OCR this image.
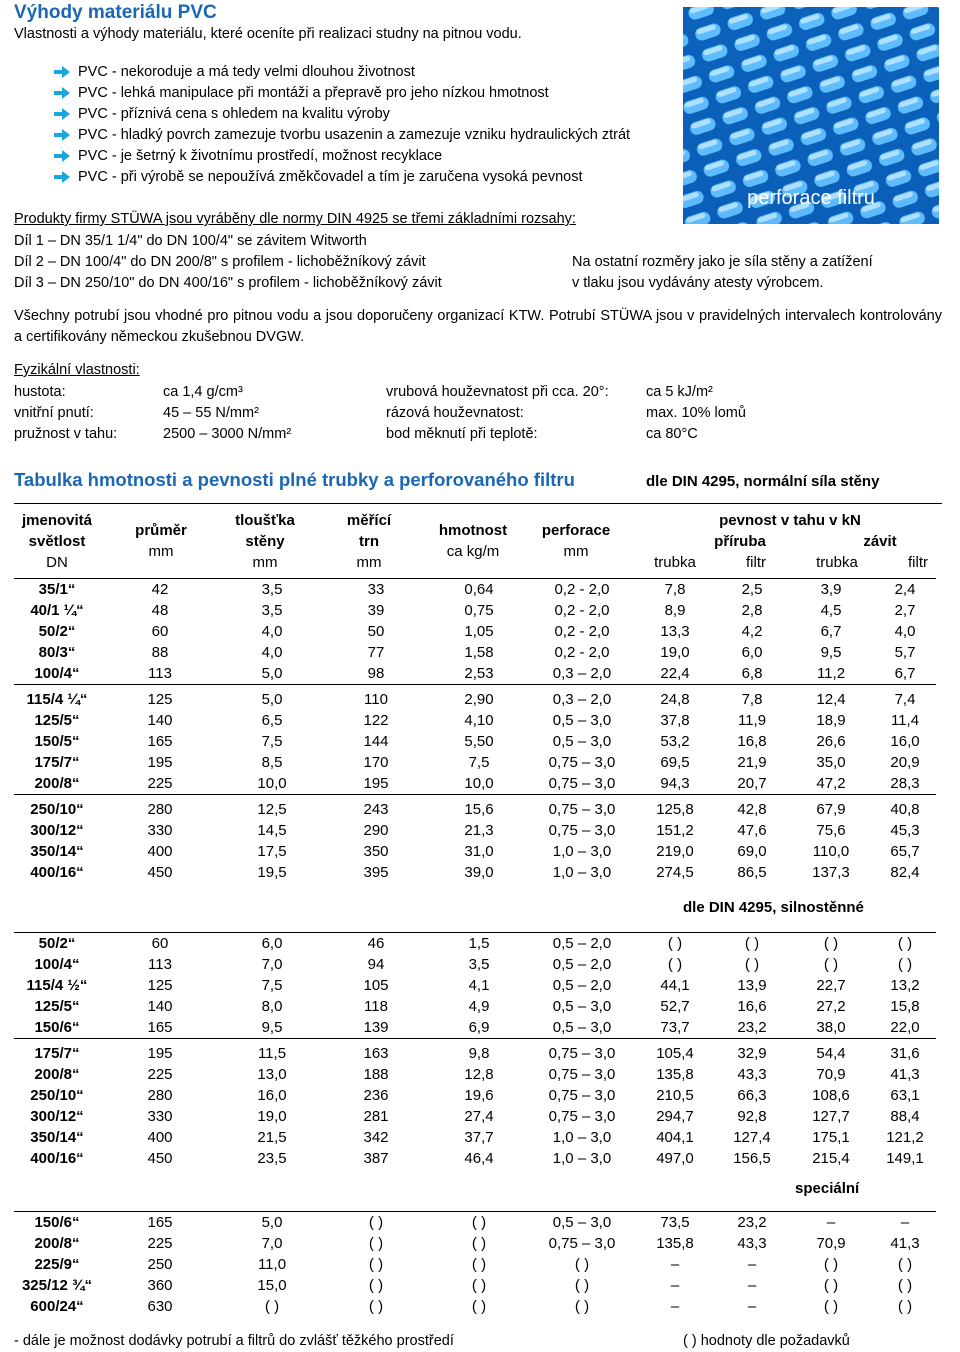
Výhody materiálu PVC
Vlastnosti a výhody materiálu, které oceníte při realizaci studny na pitnou vodu.
PVC - nekoroduje a má tedy velmi dlouhou životnost
PVC - lehká manipulace při montáži a přepravě pro jeho nízkou hmotnost
PVC - příznivá cena s ohledem na kvalitu výroby
PVC - hladký povrch zamezuje tvorbu usazenin a zamezuje vzniku hydraulických ztrát
PVC - je šetrný k životnímu prostředí, možnost recyklace
PVC - při výrobě se nepoužívá změkčovadel a tím je zaručena vysoká pevnost
perforace filtru
Produkty firmy STÜWA jsou vyráběny dle normy DIN 4925 se třemi základními rozsahy:
Díl 1 – DN 35/1 1/4" do DN 100/4" se závitem Witworth
Díl 2 – DN 100/4" do DN 200/8" s profilem - lichoběžníkový závit
Díl 3 – DN 250/10" do DN 400/16" s profilem - lichoběžníkový závit
Na ostatní rozměry jako je síla stěny a zatížení
v tlaku jsou vydávány atesty výrobcem.
Všechny potrubí jsou vhodné pro pitnou vodu a jsou doporučeny organizací KTW. Potrubí STÜWA jsou v pravidelných intervalech kontrolovány a certifikovány německou zkušebnou DVGW.
Fyzikální vlastnosti:
hustota:	ca 1,4 g/cm³	vrubová houževnatost při cca. 20°:	ca 5 kJ/m²
vnitřní pnutí:	45 – 55 N/mm²	rázová houževnatost:	max. 10% lomů
pružnost v tahu:	2500 – 3000 N/mm²	bod měknutí při teplotě:	ca 80°C
Tabulka hmotnosti a pevnosti plné trubky a perforovaného filtru	dle DIN 4295, normální síla stěny
jmenovitá
světlost
DN
průměr
mm
tloušťka
stěny
mm
měřící
trn
mm
hmotnost
ca kg/m
perforace
mm
pevnost v tahu v kN
příruba	závit
trubka	filtr	trubka	filtr
35/1“	42	3,5	33	0,64	0,2 - 2,0	7,8	2,5	3,9	2,4
40/1 ¼“	48	3,5	39	0,75	0,2 - 2,0	8,9	2,8	4,5	2,7
50/2“	60	4,0	50	1,05	0,2 - 2,0	13,3	4,2	6,7	4,0
80/3“	88	4,0	77	1,58	0,2 - 2,0	19,0	6,0	9,5	5,7
100/4“	113	5,0	98	2,53	0,3 – 2,0	22,4	6,8	11,2	6,7
115/4 ¼“	125	5,0	110	2,90	0,3 – 2,0	24,8	7,8	12,4	7,4
125/5“	140	6,5	122	4,10	0,5 – 3,0	37,8	11,9	18,9	11,4
150/5“	165	7,5	144	5,50	0,5 – 3,0	53,2	16,8	26,6	16,0
175/7“	195	8,5	170	7,5	0,75 – 3,0	69,5	21,9	35,0	20,9
200/8“	225	10,0	195	10,0	0,75 – 3,0	94,3	20,7	47,2	28,3
250/10“	280	12,5	243	15,6	0,75 – 3,0	125,8	42,8	67,9	40,8
300/12“	330	14,5	290	21,3	0,75 – 3,0	151,2	47,6	75,6	45,3
350/14“	400	17,5	350	31,0	1,0 – 3,0	219,0	69,0	110,0	65,7
400/16“	450	19,5	395	39,0	1,0 – 3,0	274,5	86,5	137,3	82,4
50/2“	60	6,0	46	1,5	0,5 – 2,0	( )	( )	( )	( )
100/4“	113	7,0	94	3,5	0,5 – 2,0	( )	( )	( )	( )
115/4 ½“	125	7,5	105	4,1	0,5 – 2,0	44,1	13,9	22,7	13,2
125/5“	140	8,0	118	4,9	0,5 – 3,0	52,7	16,6	27,2	15,8
150/6“	165	9,5	139	6,9	0,5 – 3,0	73,7	23,2	38,0	22,0
175/7“	195	11,5	163	9,8	0,75 – 3,0	105,4	32,9	54,4	31,6
200/8“	225	13,0	188	12,8	0,75 – 3,0	135,8	43,3	70,9	41,3
250/10“	280	16,0	236	19,6	0,75 – 3,0	210,5	66,3	108,6	63,1
300/12“	330	19,0	281	27,4	0,75 – 3,0	294,7	92,8	127,7	88,4
350/14“	400	21,5	342	37,7	1,0 – 3,0	404,1	127,4	175,1	121,2
400/16“	450	23,5	387	46,4	1,0 – 3,0	497,0	156,5	215,4	149,1
150/6“	165	5,0	( )	( )	0,5 – 3,0	73,5	23,2	–	–
200/8“	225	7,0	( )	( )	0,75 – 3,0	135,8	43,3	70,9	41,3
225/9“	250	11,0	( )	( )	( )	–	–	( )	( )
325/12 ¾“	360	15,0	( )	( )	( )	–	–	( )	( )
600/24“	630	( )	( )	( )	( )	–	–	( )	( )
dle DIN 4295, silnostěnné
speciální
- dále je možnost dodávky potrubí a filtrů do zvlášť těžkého prostředí	( ) hodnoty dle požadavků
